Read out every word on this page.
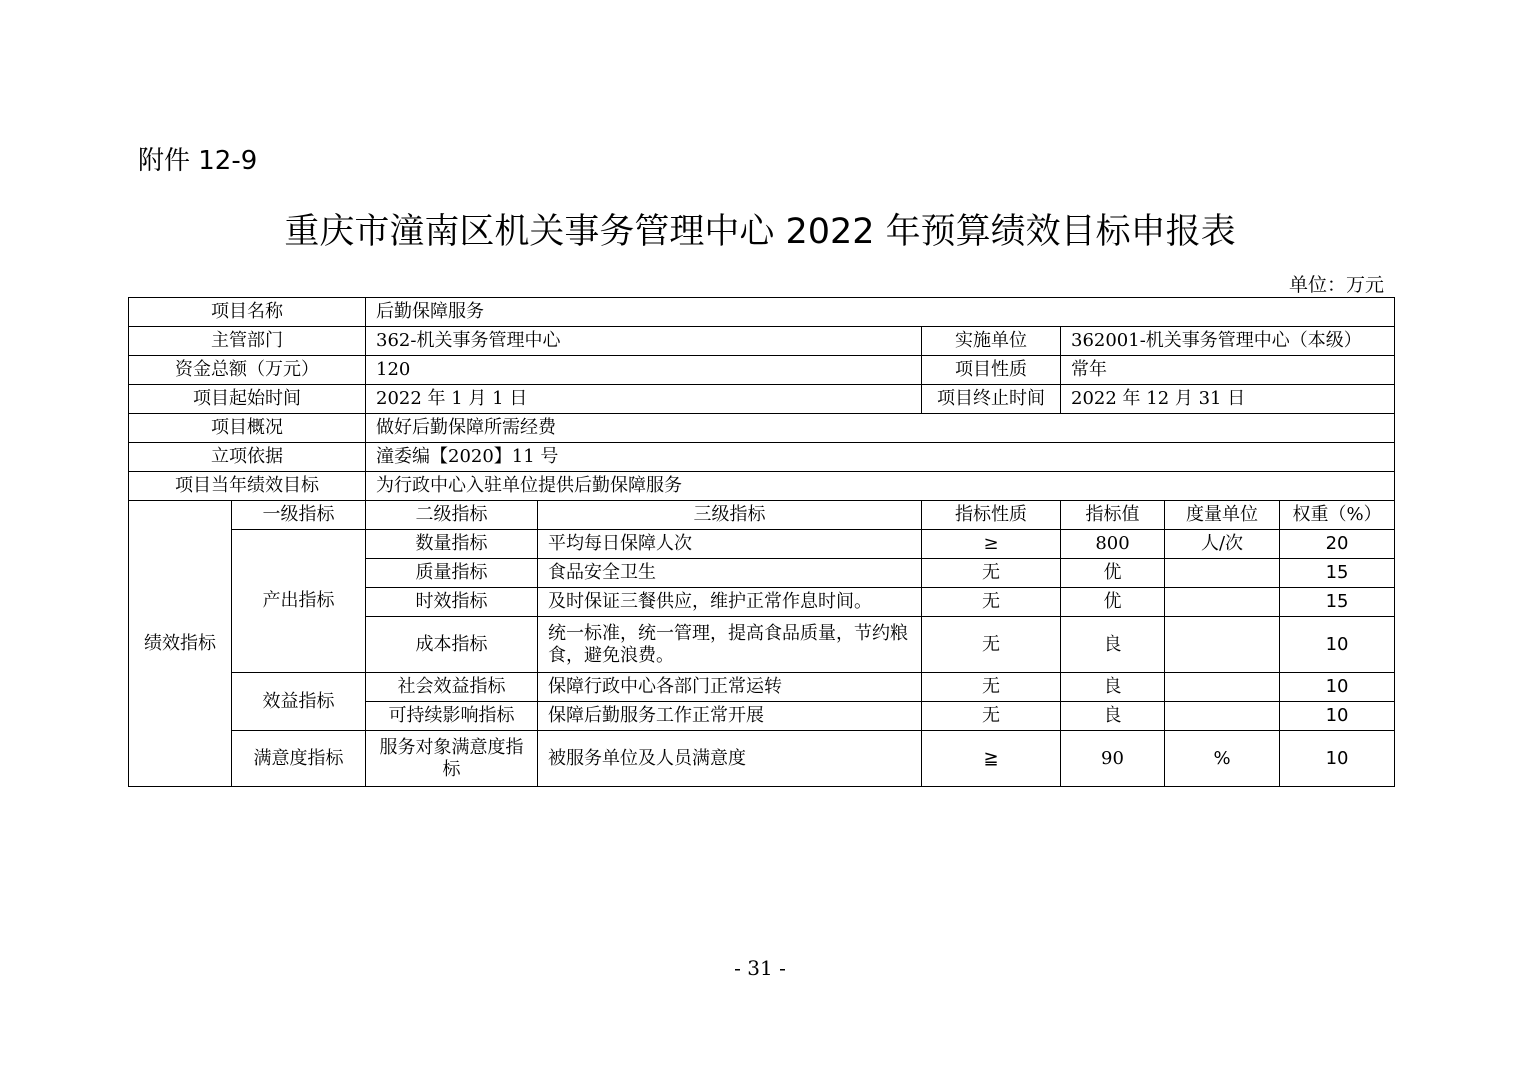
附件 12-9
重庆市潼南区机关事务管理中心 2022 年预算绩效目标申报表
单位：万元
项目名称		后勤保障服务					
主管部门		362-机关事务管理中心		实施单位	362001-机关事务管理中心（本级）		
资金总额（万元）		120		项目性质	常年		
项目起始时间		2022 年 1 月 1 日		项目终止时间	2022 年 12 月 31 日		
项目概况		做好后勤保障所需经费					
立项依据		潼委编【2020】11 号					
项目当年绩效目标		为行政中心入驻单位提供后勤保障服务					
绩效指标	一级指标	二级指标	三级指标	指标性质	指标值	度量单位	权重（%）
	产出指标	数量指标	平均每日保障人次	≥	800	人/次	20
		质量指标	食品安全卫生	无	优		15
		时效指标	及时保证三餐供应，维护正常作息时间。	无	优		15
		成本指标	统一标准，统一管理，提高食品质量，节约粮食，避免浪费。	无	良		10
	效益指标	社会效益指标	保障行政中心各部门正常运转	无	良		10
		可持续影响指标	保障后勤服务工作正常开展	无	良		10
	满意度指标	服务对象满意度指标	被服务单位及人员满意度	≧	90	%	10
- 31 -
